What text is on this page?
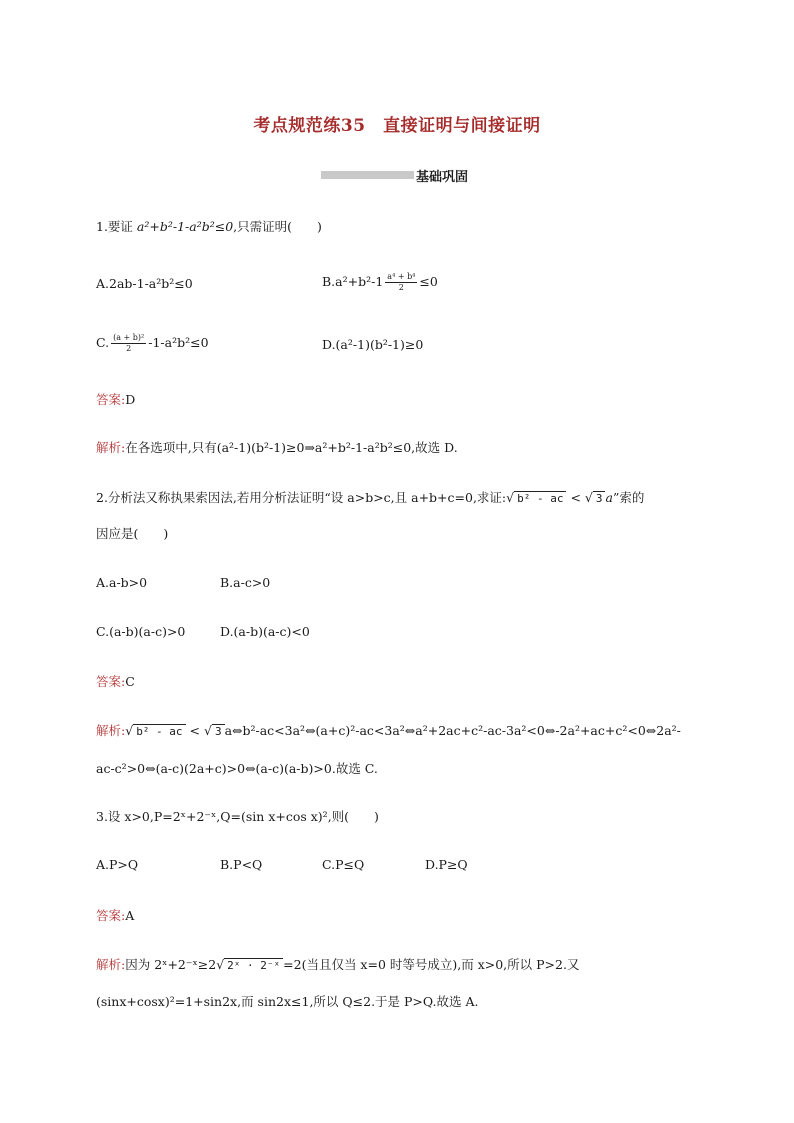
考点规范练35　直接证明与间接证明
基础巩固
1.要证 a²+b²-1-a²b²≤0,只需证明(　　)
A.2ab-1-a²b²≤0	$B.a^2+b^2-1 \frac{\text{a⁴ + b⁴}}{2} \le 0$
C. $\frac{\text{(a + b)²}}{2} -1-a^2b^2\le 0$	D.(a²-1)(b²-1)≥0
答案:D
解析:在各选项中,只有(a²-1)(b²-1)≥0⇒a²+b²-1-a²b²≤0,故选 D.
2.分析法又称执果索因法,若用分析法证明“设 a>b>c,且 a+b+c=0,求证:√ b² - ac < √ 3 a”索的
因应是(　　)
A.a-b>0	B.a-c>0
C.(a-b)(a-c)>0	D.(a-b)(a-c)<0
答案:C
解析:√ b² - ac < √ 3 a⇔b²-ac<3a²⇔(a+c)²-ac<3a²⇔a²+2ac+c²-ac-3a²<0⇔-2a²+ac+c²<0⇔2a²-
ac-c²>0⇔(a-c)(2a+c)>0⇔(a-c)(a-b)>0.故选 C.
3.设 x>0,P=2ˣ+2⁻ˣ,Q=(sin x+cos x)²,则(　　)
A.P>Q	B.P<Q	C.P≤Q	D.P≥Q
答案:A
解析:因为 2ˣ+2⁻ˣ≥2√ 2ˣ · 2⁻ˣ =2(当且仅当 x=0 时等号成立),而 x>0,所以 P>2.又
(sinx+cosx)²=1+sin2x,而 sin2x≤1,所以 Q≤2.于是 P>Q.故选 A.
